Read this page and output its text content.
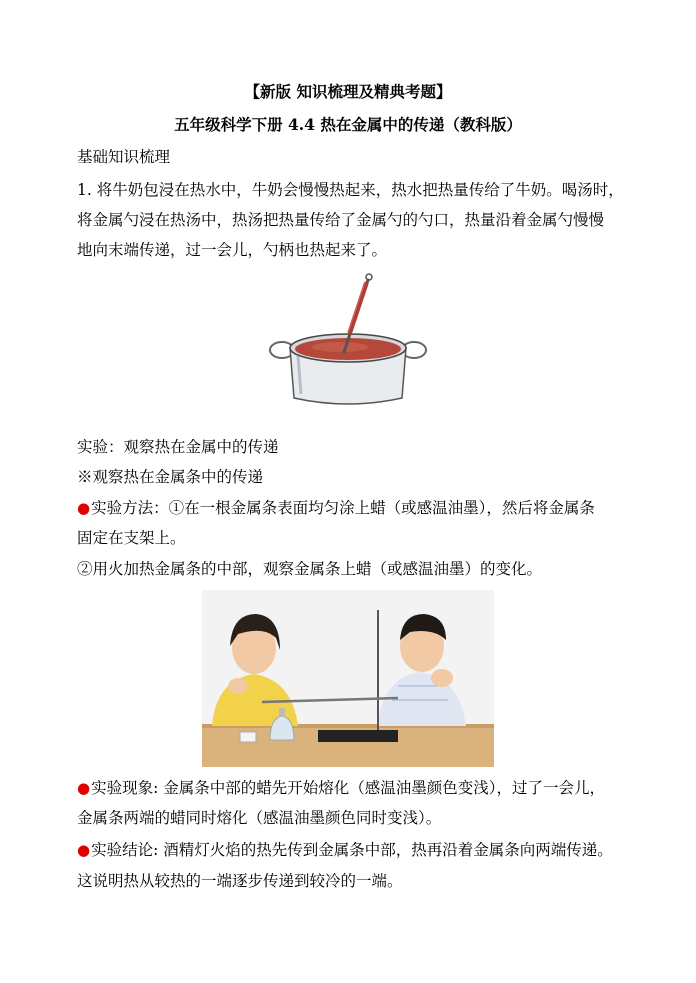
【新版 知识梳理及精典考题】
五年级科学下册 4.4 热在金属中的传递（教科版）
基础知识梳理
1. 将牛奶包浸在热水中，牛奶会慢慢热起来，热水把热量传给了牛奶。喝汤时，
将金属勺浸在热汤中，热汤把热量传给了金属勺的勺口，热量沿着金属勺慢慢
地向末端传递，过一会儿，勺柄也热起来了。
实验：观察热在金属中的传递
※观察热在金属条中的传递
●实验方法：①在一根金属条表面均匀涂上蜡（或感温油墨），然后将金属条
固定在支架上。
②用火加热金属条的中部，观察金属条上蜡（或感温油墨）的变化。
●实验现象: 金属条中部的蜡先开始熔化（感温油墨颜色变浅），过了一会儿，
金属条两端的蜡同时熔化（感温油墨颜色同时变浅）。
●实验结论: 酒精灯火焰的热先传到金属条中部，热再沿着金属条向两端传递。
这说明热从较热的一端逐步传递到较冷的一端。
